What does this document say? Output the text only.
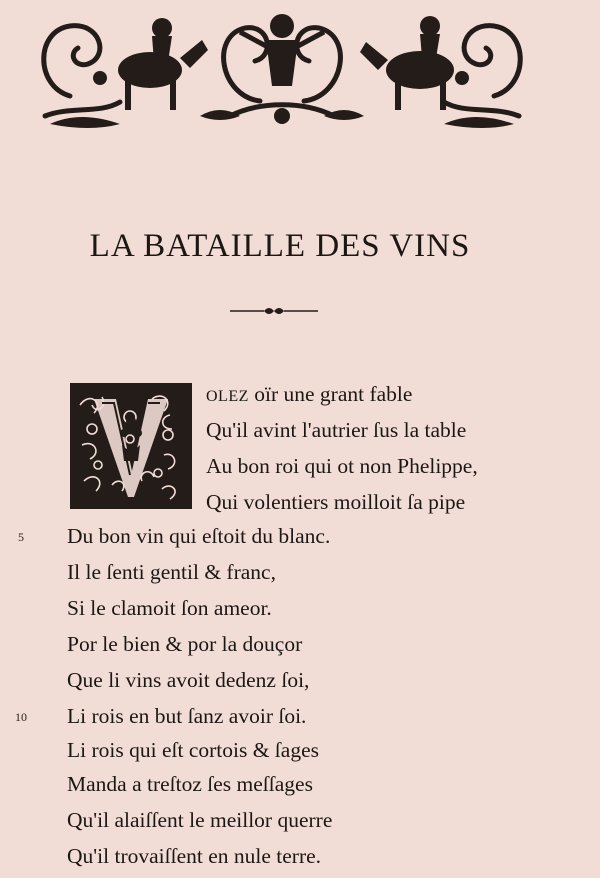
LA BATAILLE DES VINS
OLEZ oïr une grant fable
Qu'il avint l'autrier ſus la table
Au bon roi qui ot non Phelippe,
Qui volentiers moilloit ſa pipe
Du bon vin qui eſtoit du blanc.
Il le ſenti gentil & franc,
Si le clamoit ſon ameor.
Por le bien & por la douçor
Que li vins avoit dedenz ſoi,
Li rois en but ſanz avoir ſoi.
Li rois qui eſt cortois & ſages
Manda a treſtoz ſes meſſages
Qu'il alaiſſent le meillor querre
Qu'il trovaiſſent en nule terre.
5
10
